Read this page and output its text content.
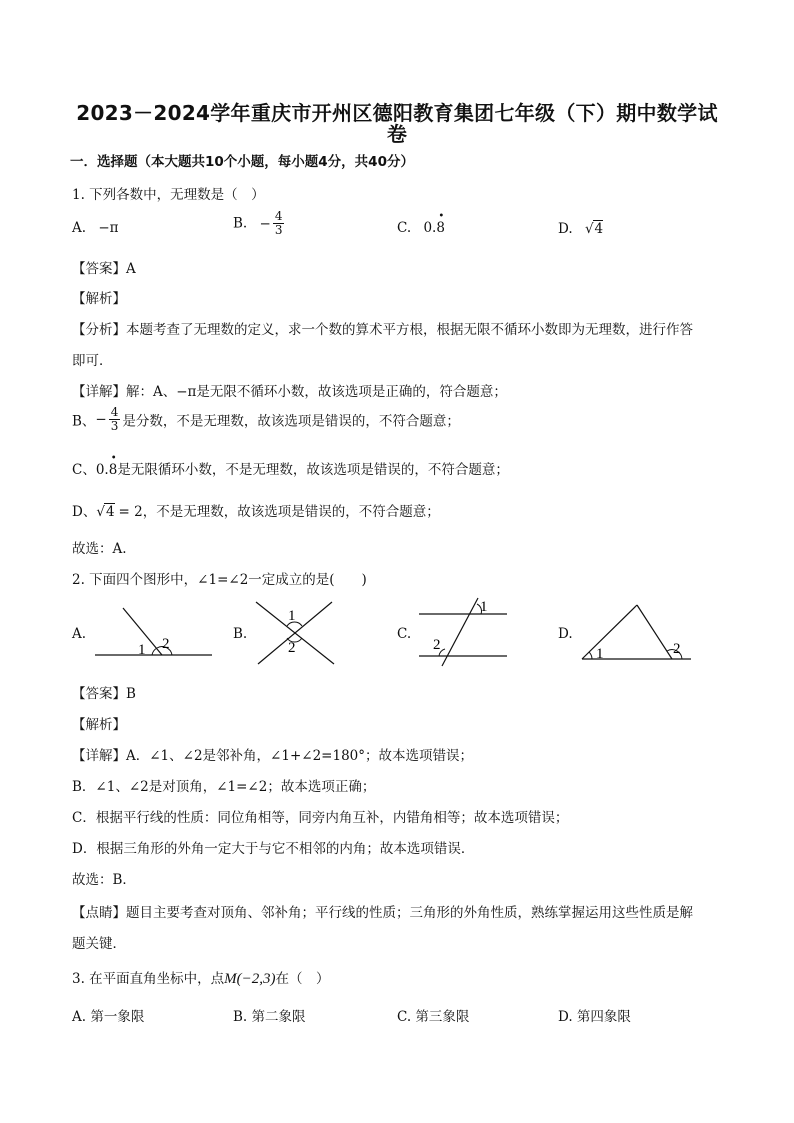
2023－2024学年重庆市开州区德阳教育集团七年级（下）期中数学试
卷
一．选择题（本大题共10个小题，每小题4分，共40分）
1. 下列各数中，无理数是（　）
A. −π	B. − $\frac{4}{3}$	C. 0.
•
8	D. √4
【答案】A
【解析】
【分析】本题考查了无理数的定义，求一个数的算术平方根，根据无限不循环小数即为无理数，进行作答
即可．
【详解】解：A、−π是无限不循环小数，故该选项是正确的，符合题意；
B、− $\frac{4}{3}$ 是分数，不是无理数，故该选项是错误的，不符合题意；
C、0.
•
8是无限循环小数，不是无理数，故该选项是错误的，不符合题意；
D、√4 = 2，不是无理数，故该选项是错误的，不符合题意；
故选：A.
2. 下面四个图形中，∠1=∠2一定成立的是(　　)
A.	B.	C.	D.
1 2
1
2
1
2
1	2
【答案】B
【解析】
【详解】A．∠1、∠2是邻补角，∠1+∠2=180°；故本选项错误；
B．∠1、∠2是对顶角，∠1=∠2；故本选项正确；
C．根据平行线的性质：同位角相等，同旁内角互补，内错角相等；故本选项错误；
D．根据三角形的外角一定大于与它不相邻的内角；故本选项错误．
故选：B．
【点睛】题目主要考查对顶角、邻补角；平行线的性质；三角形的外角性质，熟练掌握运用这些性质是解
题关键．
3. 在平面直角坐标中，点M(−2,3)在（　）
A. 第一象限	B. 第二象限	C. 第三象限	D. 第四象限
